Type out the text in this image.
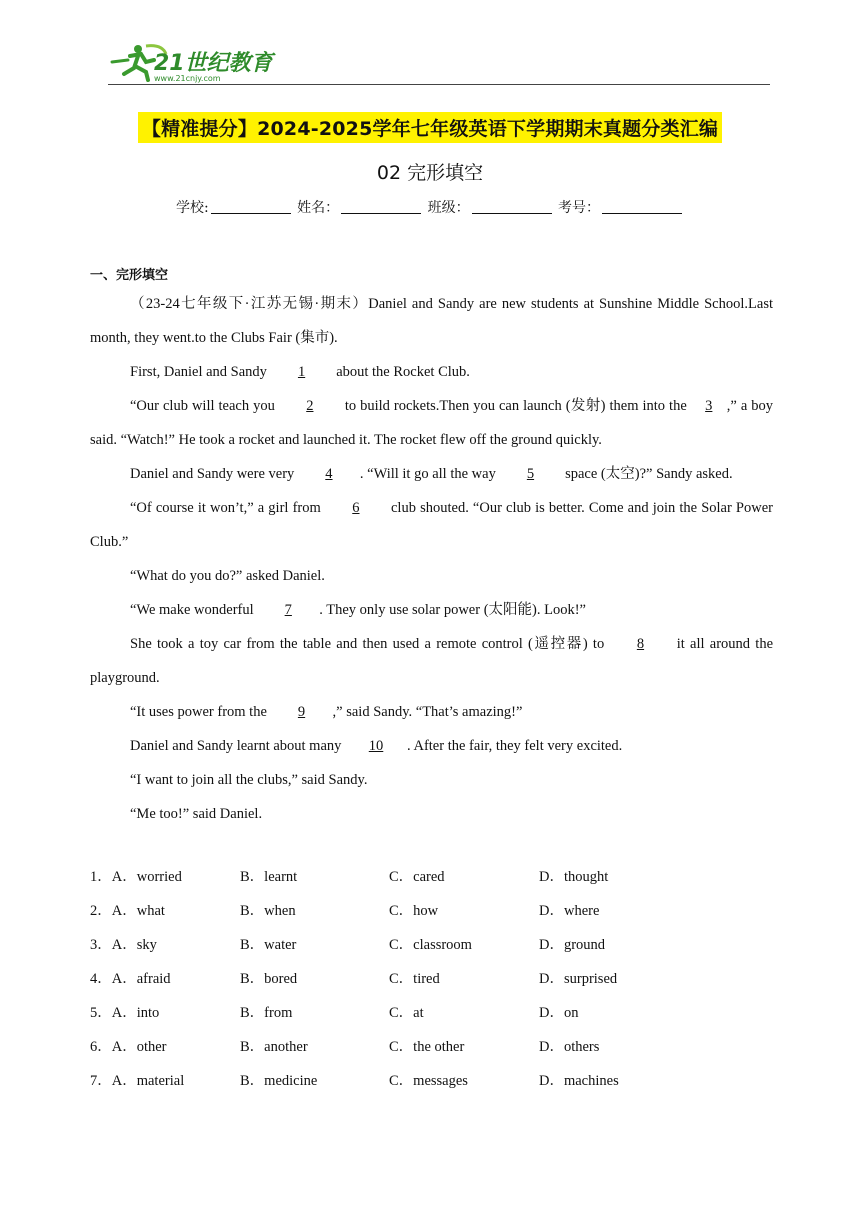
21世纪教育
www.21cnjy.com
【精准提分】2024-2025学年七年级英语下学期期末真题分类汇编
02 完形填空
学校:	姓名：	班级：	考号：
一、完形填空

（23-24七年级下·江苏无锡·期末）Daniel and Sandy are new students at Sunshine Middle School.Last month, they went.to the Clubs Fair (集市).

First, Daniel and Sandy 1 about the Rocket Club.

“Our club will teach you 2 to build rockets.Then you can launch (发射) them into the 3 ,” a boy said. “Watch!” He took a rocket and launched it. The rocket flew off the ground quickly.

Daniel and Sandy were very 4 . “Will it go all the way 5 space (太空)?” Sandy asked.

“Of course it won’t,” a girl from 6 club shouted. “Our club is better. Come and join the Solar Power Club.”

“What do you do?” asked Daniel.

“We make wonderful 7 . They only use solar power (太阳能). Look!”

She took a toy car from the table and then used a remote control (遥控器) to 8 it all around the playground.

“It uses power from the 9 ,” said Sandy. “That’s amazing!”

Daniel and Sandy learnt about many 10 . After the fair, they felt very excited.

“I want to join all the clubs,” said Sandy.

“Me too!” said Daniel.

1．A．worried	B．learnt	C．cared	D．thought
2．A．what	B．when	C．how	D．where
3．A．sky	B．water	C．classroom	D．ground
4．A．afraid	B．bored	C．tired	D．surprised
5．A．into	B．from	C．at	D．on
6．A．other	B．another	C．the other	D．others
7．A．material	B．medicine	C．messages	D．machines
